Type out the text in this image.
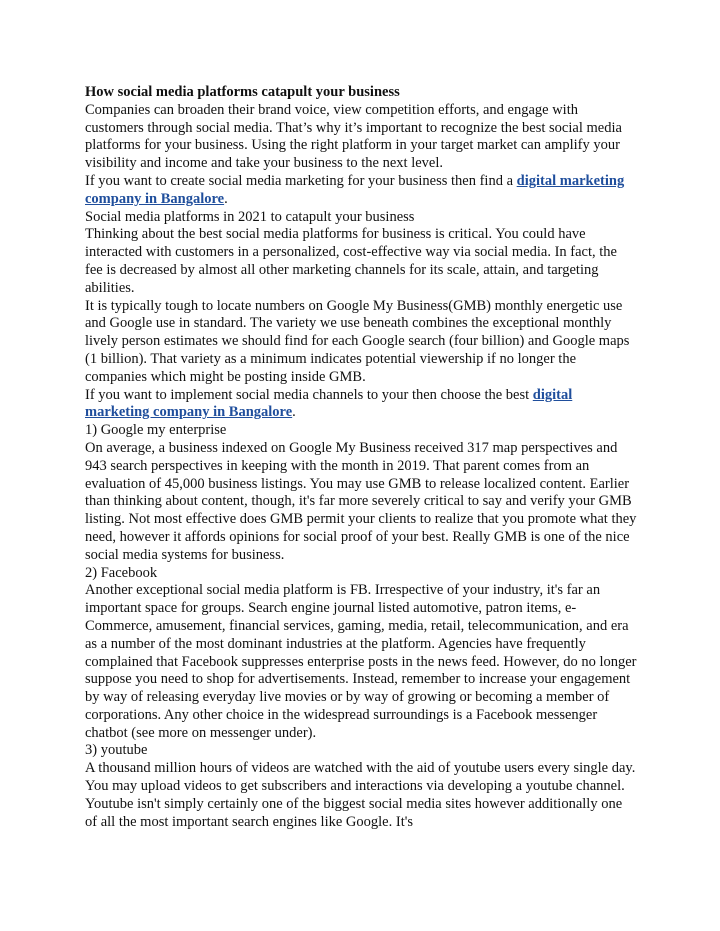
How social media platforms catapult your business

Companies can broaden their brand voice, view competition efforts, and engage with customers through social media. That’s why it’s important to recognize the best social media platforms for your business. Using the right platform in your target market can amplify your visibility and income and take your business to the next level.

If you want to create social media marketing for your business then find a digital marketing company in Bangalore.

Social media platforms in 2021 to catapult your business

Thinking about the best social media platforms for business is critical. You could have interacted with customers in a personalized, cost-effective way via social media. In fact, the fee is decreased by almost all other marketing channels for its scale, attain, and targeting abilities.

It is typically tough to locate numbers on Google My Business(GMB) monthly energetic use and Google use in standard. The variety we use beneath combines the exceptional monthly lively person estimates we should find for each Google search (four billion) and Google maps (1 billion). That variety as a minimum indicates potential viewership if no longer the companies which might be posting inside GMB.

If you want to implement social media channels to your then choose the best digital marketing company in Bangalore.

1) Google my enterprise

On average, a business indexed on Google My Business received 317 map perspectives and 943 search perspectives in keeping with the month in 2019. That parent comes from an evaluation of 45,000 business listings. You may use GMB to release localized content. Earlier than thinking about content, though, it's far more severely critical to say and verify your GMB listing. Not most effective does GMB permit your clients to realize that you promote what they need, however it affords opinions for social proof of your best. Really GMB is one of the nice social media systems for business.

2) Facebook

Another exceptional social media platform is FB. Irrespective of your industry, it's far an important space for groups. Search engine journal listed automotive, patron items, e-Commerce, amusement, financial services, gaming, media, retail, telecommunication, and era as a number of the most dominant industries at the platform. Agencies have frequently complained that Facebook suppresses enterprise posts in the news feed. However, do no longer suppose you need to shop for advertisements. Instead, remember to increase your engagement by way of releasing everyday live movies or by way of growing or becoming a member of corporations. Any other choice in the widespread surroundings is a Facebook messenger chatbot (see more on messenger under).

3) youtube

A thousand million hours of videos are watched with the aid of youtube users every single day. You may upload videos to get subscribers and interactions via developing a youtube channel. Youtube isn't simply certainly one of the biggest social media sites however additionally one of all the most important search engines like Google. It's
